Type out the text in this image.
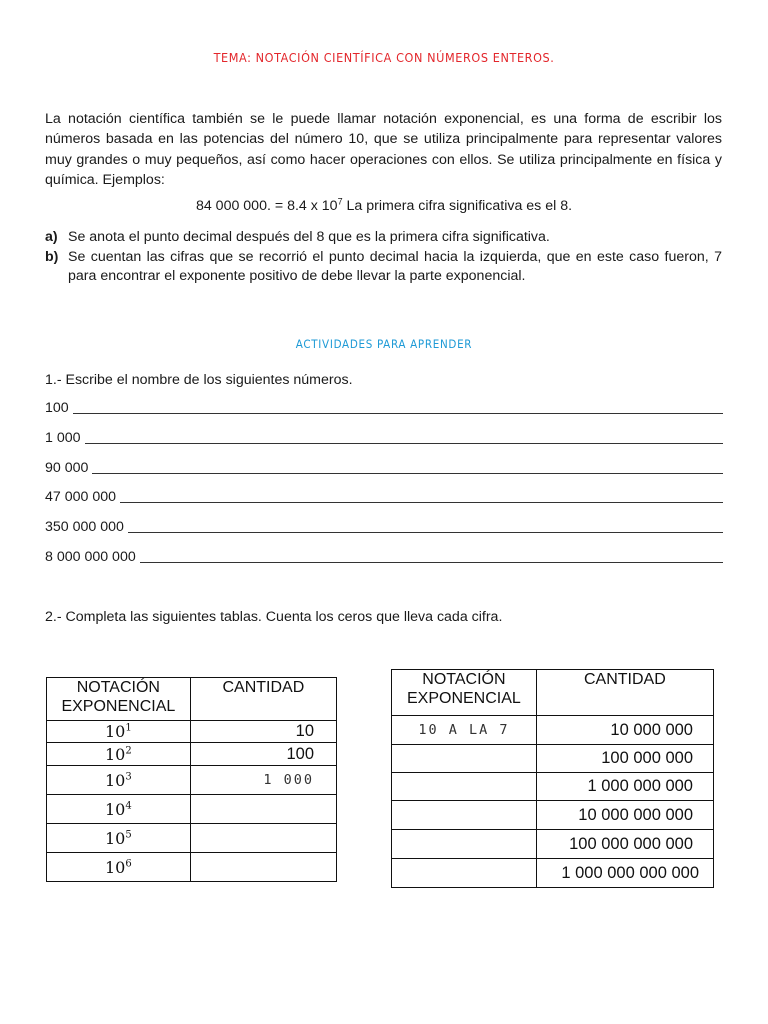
TEMA: NOTACIÓN CIENTÍFICA CON NÚMEROS ENTEROS.
La notación científica también se le puede llamar notación exponencial, es una forma de escribir los números basada en las potencias del número 10, que se utiliza principalmente para representar valores muy grandes o muy pequeños, así como hacer operaciones con ellos. Se utiliza principalmente en física y química. Ejemplos:
84 000 000. = 8.4 x $10^7$ La primera cifra significativa es el 8.
a) Se anota el punto decimal después del 8 que es la primera cifra significativa.
b) Se cuentan las cifras que se recorrió el punto decimal hacia la izquierda, que en este caso fueron, 7 para encontrar el exponente positivo de debe llevar la parte exponencial.
ACTIVIDADES PARA APRENDER
1.- Escribe el nombre de los siguientes números.
100
1 000
90 000
47 000 000
350 000 000
8 000 000 000
2.- Completa las siguientes tablas. Cuenta los ceros que lleva cada cifra.
NOTACIÓN EXPONENCIAL	CANTIDAD
$10^1$	10
$10^2$	100
$10^3$	1 000
$10^4$	
$10^5$	
$10^6$	
NOTACIÓN EXPONENCIAL	CANTIDAD
10 A LA 7	10 000 000
	100 000 000
	1 000 000 000
	10 000 000 000
	100 000 000 000
	1 000 000 000 000
